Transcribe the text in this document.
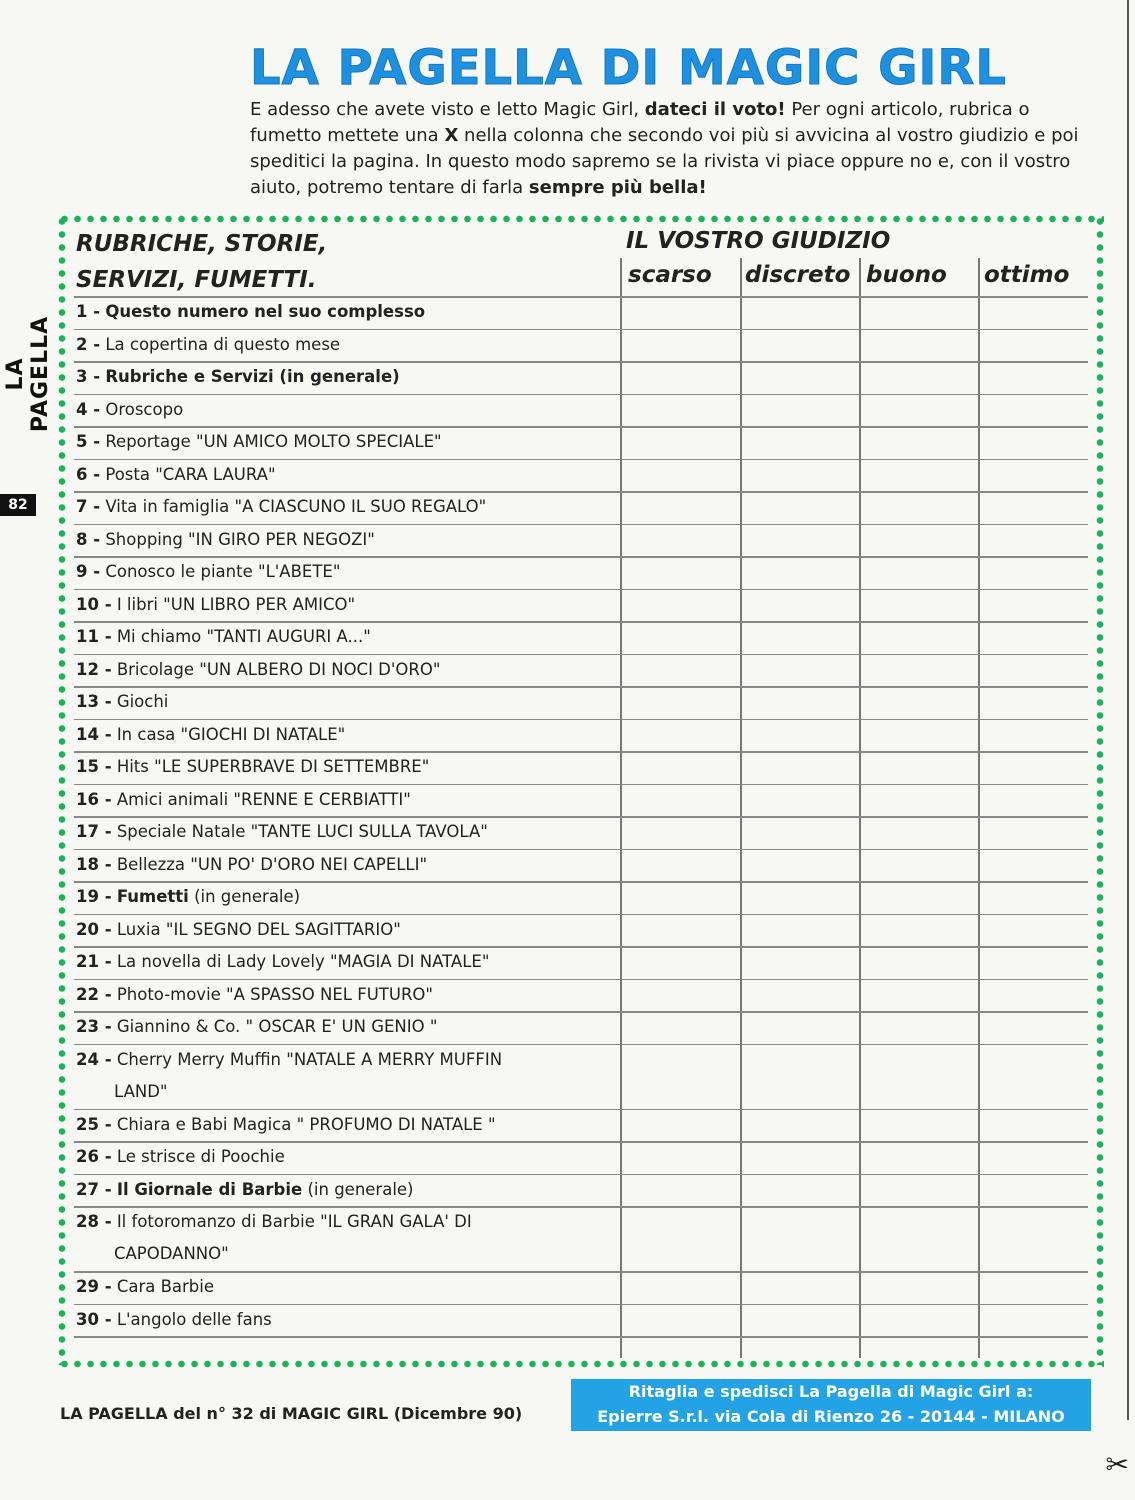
LA PAGELLA
82
LA PAGELLA DI MAGIC GIRL
E adesso che avete visto e letto Magic Girl, dateci il voto! Per ogni articolo, rubrica o fumetto mettete una X nella colonna che secondo voi più si avvicina al vostro giudizio e poi speditici la pagina. In questo modo sapremo se la rivista vi piace oppure no e, con il vostro aiuto, potremo tentare di farla sempre più bella!
RUBRICHE, STORIE,
SERVIZI, FUMETTI.
IL VOSTRO GIUDIZIO
scarso discreto buono ottimo
1 - Questo numero nel suo complesso
2 - La copertina di questo mese
3 - Rubriche e Servizi (in generale)
4 - Oroscopo
5 - Reportage "UN AMICO MOLTO SPECIALE"
6 - Posta "CARA LAURA"
7 - Vita in famiglia "A CIASCUNO IL SUO REGALO"
8 - Shopping "IN GIRO PER NEGOZI"
9 - Conosco le piante "L'ABETE"
10 - I libri "UN LIBRO PER AMICO"
11 - Mi chiamo "TANTI AUGURI A..."
12 - Bricolage "UN ALBERO DI NOCI D'ORO"
13 - Giochi
14 - In casa "GIOCHI DI NATALE"
15 - Hits "LE SUPERBRAVE DI SETTEMBRE"
16 - Amici animali "RENNE E CERBIATTI"
17 - Speciale Natale "TANTE LUCI SULLA TAVOLA"
18 - Bellezza "UN PO' D'ORO NEI CAPELLI"
19 - Fumetti (in generale)
20 - Luxia "IL SEGNO DEL SAGITTARIO"
21 - La novella di Lady Lovely "MAGIA DI NATALE"
22 - Photo-movie "A SPASSO NEL FUTURO"
23 - Giannino & Co. " OSCAR E' UN GENIO "
24 - Cherry Merry Muffin "NATALE A MERRY MUFFIN
LAND"
25 - Chiara e Babi Magica " PROFUMO DI NATALE "
26 - Le strisce di Poochie
27 - Il Giornale di Barbie (in generale)
28 - Il fotoromanzo di Barbie "IL GRAN GALA' DI
CAPODANNO"
29 - Cara Barbie
30 - L'angolo delle fans
LA PAGELLA del n° 32 di MAGIC GIRL (Dicembre 90)
Ritaglia e spedisci La Pagella di Magic Girl a:
Epierre S.r.l. via Cola di Rienzo 26 - 20144 - MILANO
✂
